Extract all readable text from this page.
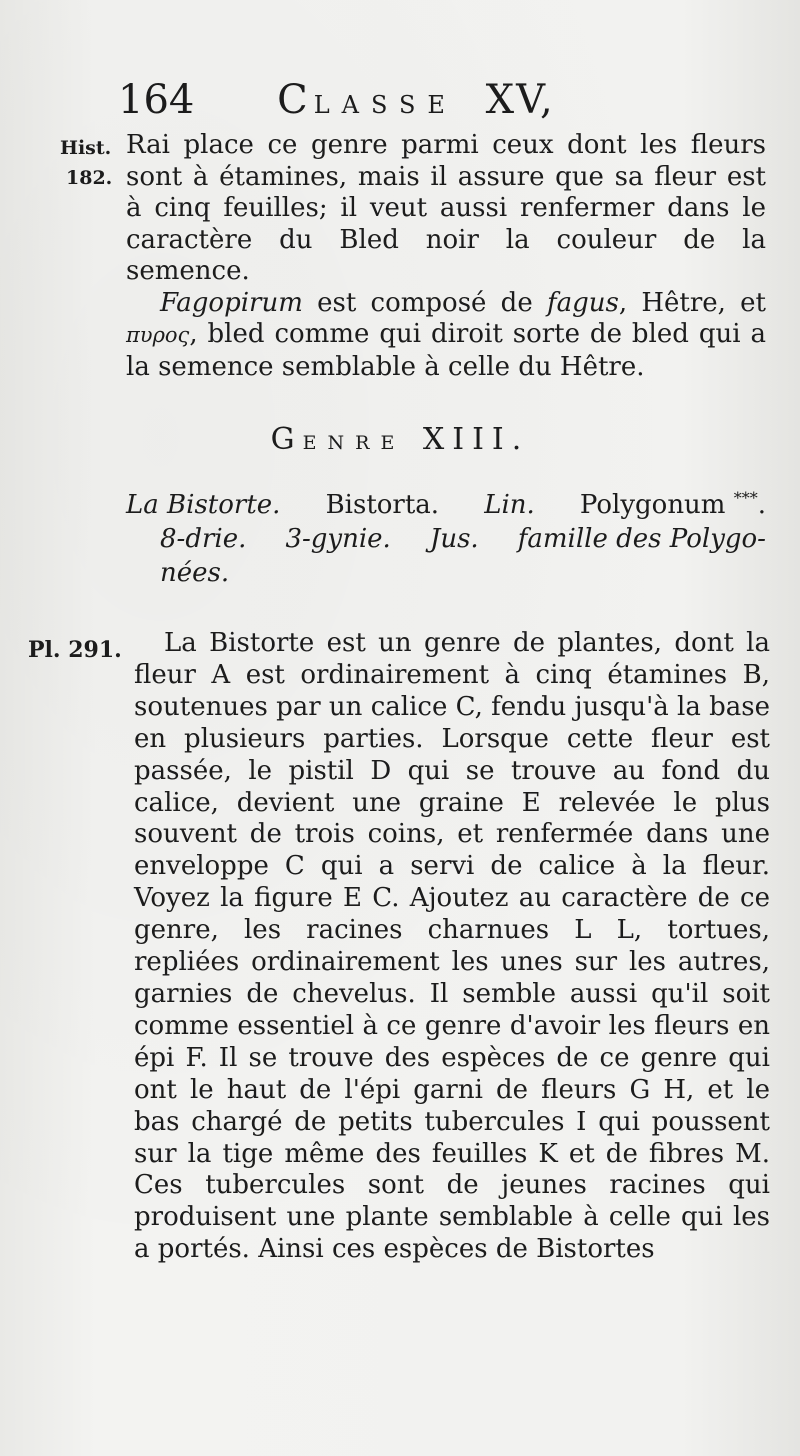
164 CLASSE XV,
Hist.
182.

Rai place ce genre parmi ceux dont les fleurs sont à étamines, mais il assure que sa fleur est à cinq feuilles; il veut aussi renfermer dans le caractère du Bled noir la couleur de la semence.

Fagopirum est composé de fagus, Hêtre, et πυρος, bled comme qui diroit sorte de bled qui a la semence semblable à celle du Hêtre.

GENRE XIII.
La Bistorte. Bistorta. Lin. Polygonum ***.
8-drie. 3-gynie. Jus. famille des Polygo-
nées.
Pl. 291.	La Bistorte est un genre de plantes, dont la fleur A est ordinairement à cinq étamines B, soutenues par un calice C, fendu jusqu'à la base en plusieurs parties. Lorsque cette fleur est passée, le pistil D qui se trouve au fond du calice, devient une graine E relevée le plus souvent de trois coins, et renfermée dans une enveloppe C qui a servi de calice à la fleur. Voyez la figure E C. Ajoutez au caractère de ce genre, les racines charnues L L, tortues, repliées ordinairement les unes sur les autres, garnies de chevelus. Il semble aussi qu'il soit comme essentiel à ce genre d'avoir les fleurs en épi F. Il se trouve des espèces de ce genre qui ont le haut de l'épi garni de fleurs G H, et le bas chargé de petits tubercules I qui poussent sur la tige même des feuilles K et de fibres M. Ces tubercules sont de jeunes racines qui produisent une plante semblable à celle qui les a portés. Ainsi ces espèces de Bistortes
